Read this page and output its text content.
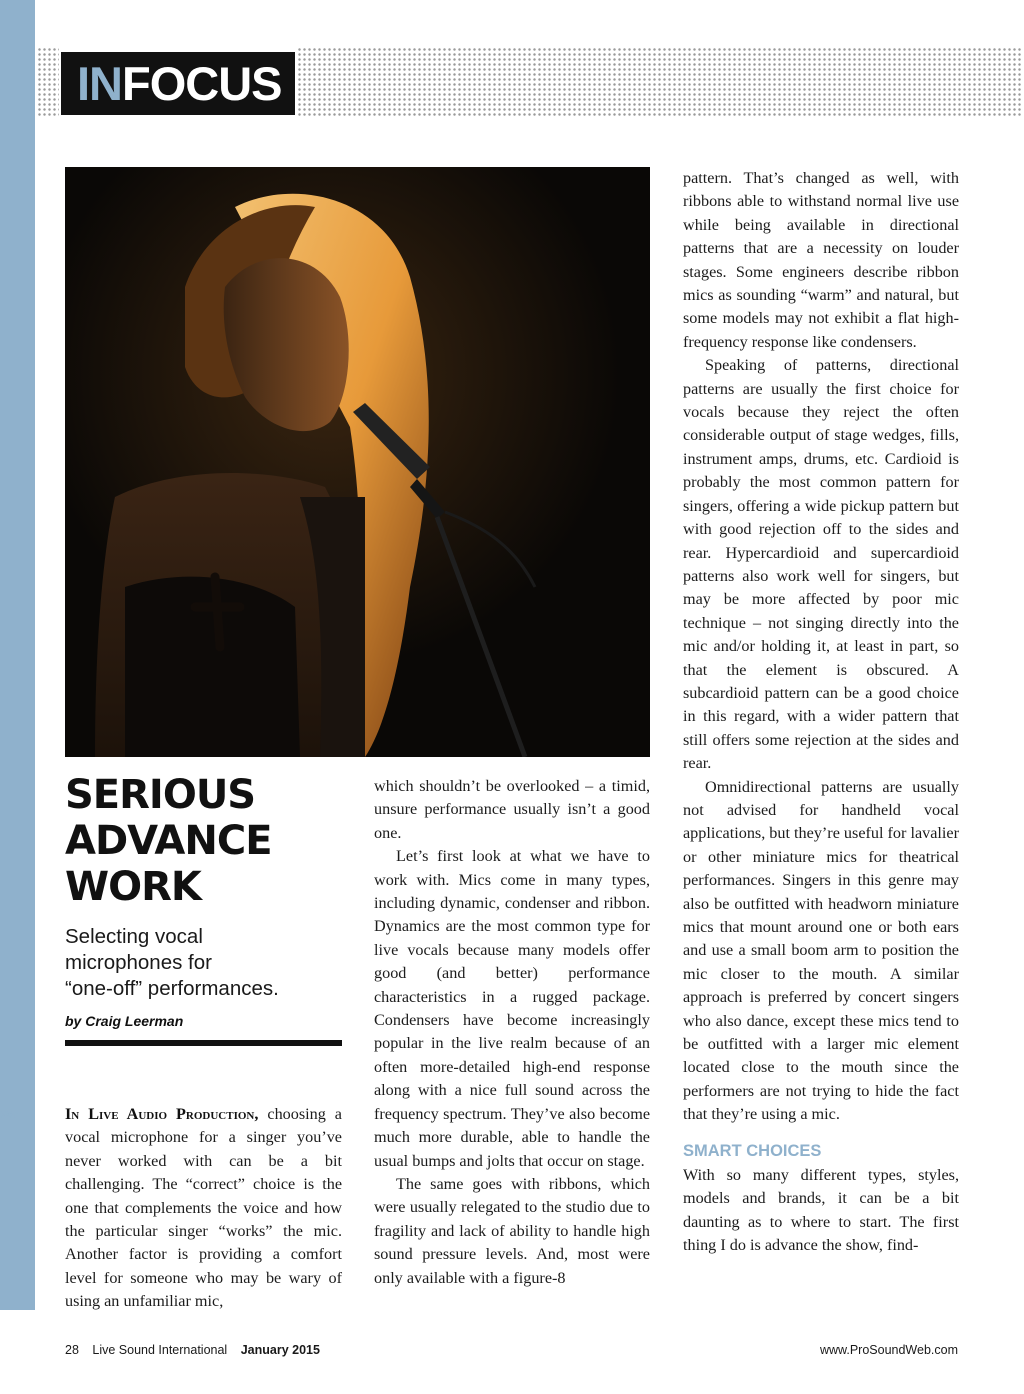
INFOCUS
SERIOUS
ADVANCE
WORK

Selecting vocal
microphones for
“one-off” performances.

by Craig Leerman

›››››	In Live Audio Production, choosing a vocal microphone for a singer you’ve never worked with can be a bit challenging. The “correct” choice is the one that complements the voice and how the particular singer “works” the mic. Another factor is providing a comfort level for someone who may be wary of using an unfamiliar mic,

which shouldn’t be overlooked – a timid, unsure performance usually isn’t a good one.

Let’s first look at what we have to work with. Mics come in many types, including dynamic, condenser and ribbon. Dynamics are the most common type for live vocals because many models offer good (and better) performance characteristics in a rugged package. Condensers have become increasingly popular in the live realm because of an often more-detailed high-end response along with a nice full sound across the frequency spectrum. They’ve also become much more durable, able to handle the usual bumps and jolts that occur on stage.

The same goes with ribbons, which were usually relegated to the studio due to fragility and lack of ability to handle high sound pressure levels. And, most were only available with a figure-8

pattern. That’s changed as well, with ribbons able to withstand normal live use while being available in directional patterns that are a necessity on louder stages. Some engineers describe ribbon mics as sounding “warm” and natural, but some models may not exhibit a flat high-frequency response like condensers.

Speaking of patterns, directional patterns are usually the first choice for vocals because they reject the often considerable output of stage wedges, fills, instrument amps, drums, etc. Cardioid is probably the most common pattern for singers, offering a wide pickup pattern but with good rejection off to the sides and rear. Hypercardioid and supercardioid patterns also work well for singers, but may be more affected by poor mic technique – not singing directly into the mic and/or holding it, at least in part, so that the element is obscured. A subcardioid pattern can be a good choice in this regard, with a wider pattern that still offers some rejection at the sides and rear.

Omnidirectional patterns are usually not advised for handheld vocal applications, but they’re useful for lavalier or other miniature mics for theatrical performances. Singers in this genre may also be outfitted with headworn miniature mics that mount around one or both ears and use a small boom arm to position the mic closer to the mouth. A similar approach is preferred by concert singers who also dance, except these mics tend to be outfitted with a larger mic element located close to the mouth since the performers are not trying to hide the fact that they’re using a mic.

SMART CHOICES

With so many different types, styles, models and brands, it can be a bit daunting as to where to start. The first thing I do is advance the show, find-

28 Live Sound International January 2015	www.ProSoundWeb.com
